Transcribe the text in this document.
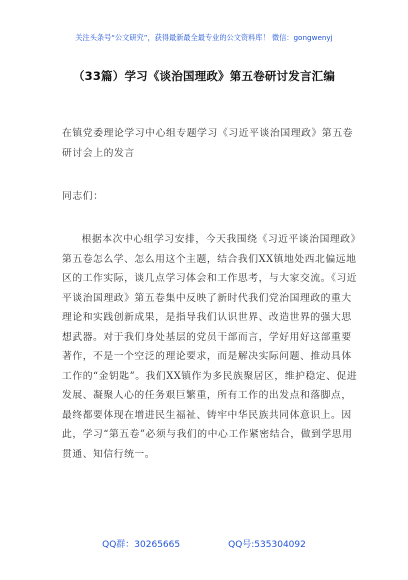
关注头条号“公文研究”，获得最新最全最专业的公文资料库！ 微信：gongwenyj
（33篇）学习《谈治国理政》第五卷研讨发言汇编
在镇党委理论学习中心组专题学习《习近平谈治国理政》第五卷研讨会上的发言
同志们：

根据本次中心组学习安排，今天我围绕《习近平谈治国理政》第五卷怎么学、怎么用这个主题，结合我们XX镇地处西北偏远地区的工作实际，谈几点学习体会和工作思考，与大家交流。《习近平谈治国理政》第五卷集中反映了新时代我们党治国理政的重大理论和实践创新成果，是指导我们认识世界、改造世界的强大思想武器。对于我们身处基层的党员干部而言，学好用好这部重要著作，不是一个空泛的理论要求，而是解决实际问题、推动具体工作的“金钥匙”。我们XX镇作为多民族聚居区，维护稳定、促进发展、凝聚人心的任务艰巨繁重，所有工作的出发点和落脚点，最终都要体现在增进民生福祉、铸牢中华民族共同体意识上。因此，学习“第五卷”必须与我们的中心工作紧密结合，做到学思用贯通、知信行统一。

QQ群：30265665	QQ号:535304092
